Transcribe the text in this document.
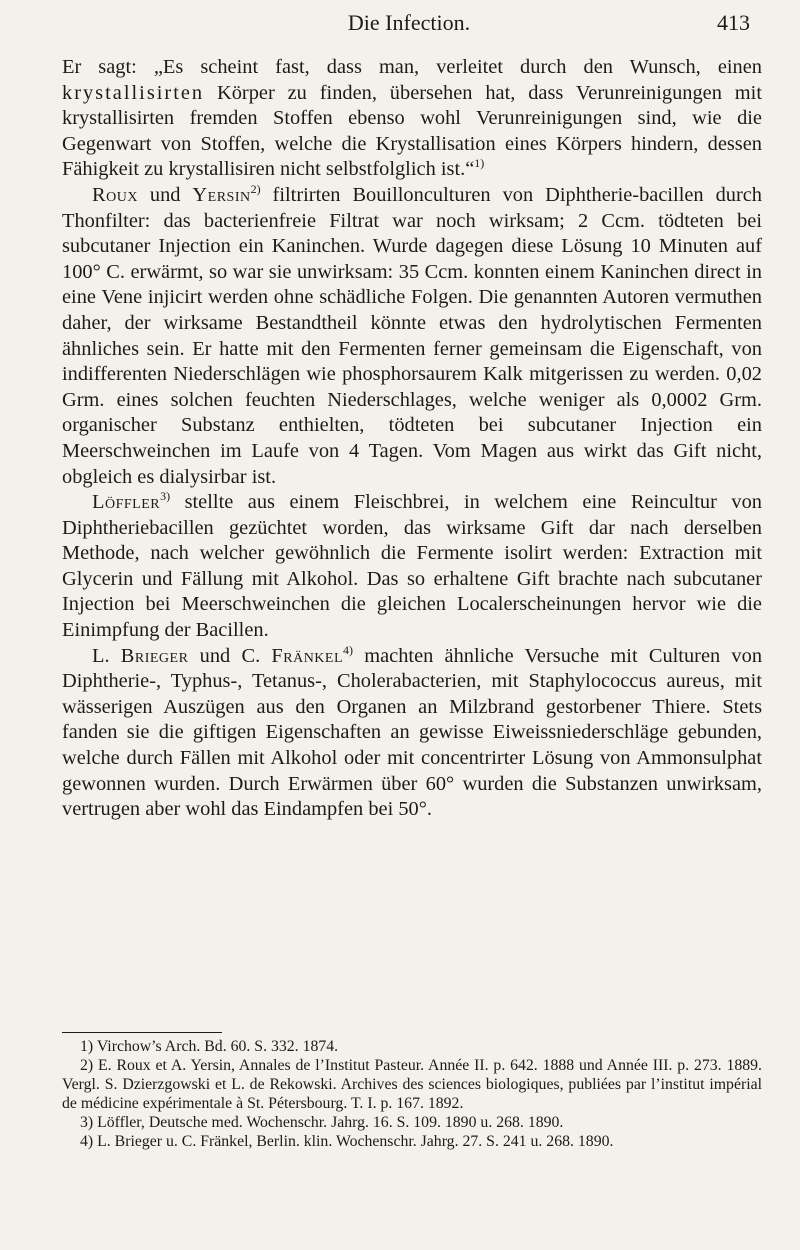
Die Infection.	413

Er sagt: „Es scheint fast, dass man, verleitet durch den Wunsch, einen krystallisirten Körper zu finden, übersehen hat, dass Verunreinigungen mit krystallisirten fremden Stoffen ebenso wohl Verunreinigungen sind, wie die Gegenwart von Stoffen, welche die Krystallisation eines Körpers hindern, dessen Fähigkeit zu krystallisiren nicht selbstfolglich ist.“$^{1)}$

Roux und Yersin$^{2)}$ filtrirten Bouillonculturen von Diphtherie-bacillen durch Thonfilter: das bacterienfreie Filtrat war noch wirksam; 2 Ccm. tödteten bei subcutaner Injection ein Kaninchen. Wurde dagegen diese Lösung 10 Minuten auf 100° C. erwärmt, so war sie unwirksam: 35 Ccm. konnten einem Kaninchen direct in eine Vene injicirt werden ohne schädliche Folgen. Die genannten Autoren vermuthen daher, der wirksame Bestandtheil könnte etwas den hydrolytischen Fermenten ähnliches sein. Er hatte mit den Fermenten ferner gemeinsam die Eigenschaft, von indifferenten Niederschlägen wie phosphorsaurem Kalk mitgerissen zu werden. 0,02 Grm. eines solchen feuchten Niederschlages, welche weniger als 0,0002 Grm. organischer Substanz enthielten, tödteten bei subcutaner Injection ein Meerschweinchen im Laufe von 4 Tagen. Vom Magen aus wirkt das Gift nicht, obgleich es dialysirbar ist.

Löffler$^{3)}$ stellte aus einem Fleischbrei, in welchem eine Reincultur von Diphtheriebacillen gezüchtet worden, das wirksame Gift dar nach derselben Methode, nach welcher gewöhnlich die Fermente isolirt werden: Extraction mit Glycerin und Fällung mit Alkohol. Das so erhaltene Gift brachte nach subcutaner Injection bei Meerschweinchen die gleichen Localerscheinungen hervor wie die Einimpfung der Bacillen.

L. Brieger und C. Fränkel$^{4)}$ machten ähnliche Versuche mit Culturen von Diphtherie-, Typhus-, Tetanus-, Cholerabacterien, mit Staphylococcus aureus, mit wässerigen Auszügen aus den Organen an Milzbrand gestorbener Thiere. Stets fanden sie die giftigen Eigenschaften an gewisse Eiweissniederschläge gebunden, welche durch Fällen mit Alkohol oder mit concentrirter Lösung von Ammonsulphat gewonnen wurden. Durch Erwärmen über 60° wurden die Substanzen unwirksam, vertrugen aber wohl das Eindampfen bei 50°.

1) Virchow’s Arch. Bd. 60. S. 332. 1874.

2) E. Roux et A. Yersin, Annales de l’Institut Pasteur. Année II. p. 642. 1888 und Année III. p. 273. 1889. Vergl. S. Dzierzgowski et L. de Rekowski. Archives des sciences biologiques, publiées par l’institut impérial de médicine expérimentale à St. Pétersbourg. T. I. p. 167. 1892.

3) Löffler, Deutsche med. Wochenschr. Jahrg. 16. S. 109. 1890 u. 268. 1890.

4) L. Brieger u. C. Fränkel, Berlin. klin. Wochenschr. Jahrg. 27. S. 241 u. 268. 1890.
